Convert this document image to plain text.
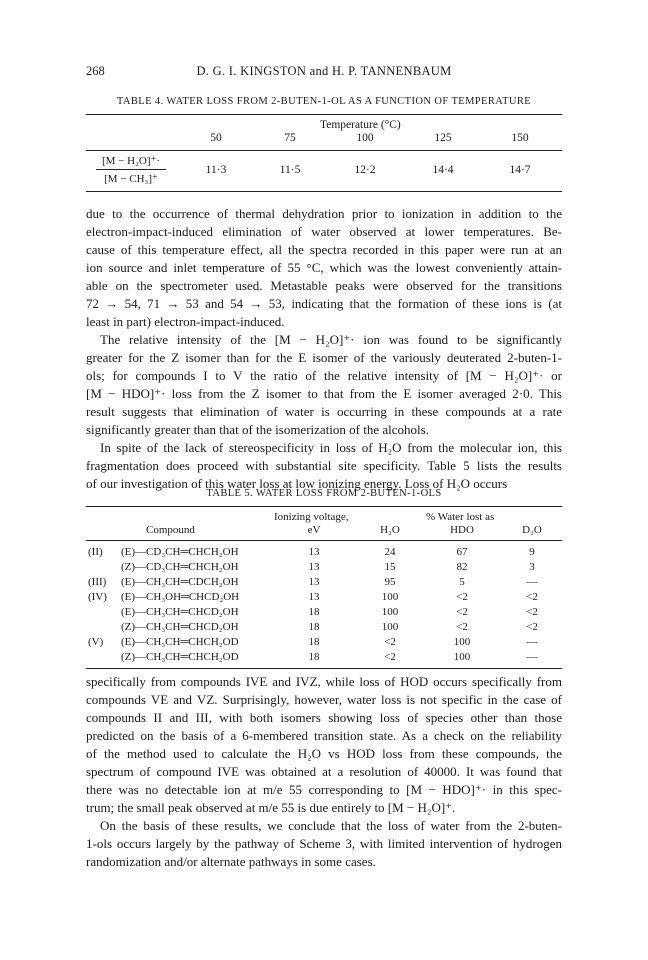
268	D. G. I. KINGSTON and H. P. TANNENBAUM
TABLE 4. WATER LOSS FROM 2-BUTEN-1-OL AS A FUNCTION OF TEMPERATURE
Temperature (°C)
50	75	100	125	150
$\frac{\text{[M − H₂O]⁺·}}{\text{[M − CH₃]⁺}}$	11·3	11·5	12·2	14·4	14·7

due to the occurrence of thermal dehydration prior to ionization in addition to the

electron-impact-induced elimination of water observed at lower temperatures. Be-

cause of this temperature effect, all the spectra recorded in this paper were run at an

ion source and inlet temperature of 55 °C, which was the lowest conveniently attain-

able on the spectrometer used. Metastable peaks were observed for the transitions

72 → 54, 71 → 53 and 54 → 53, indicating that the formation of these ions is (at

least in part) electron-impact-induced.

The relative intensity of the [M − H₂O]⁺· ion was found to be significantly

greater for the Z isomer than for the E isomer of the variously deuterated 2-buten-1-

ols; for compounds I to V the ratio of the relative intensity of [M − H₂O]⁺· or

[M − HDO]⁺· loss from the Z isomer to that from the E isomer averaged 2·0. This

result suggests that elimination of water is occurring in these compounds at a rate

significantly greater than that of the isomerization of the alcohols.

In spite of the lack of stereospecificity in loss of H₂O from the molecular ion, this

fragmentation does proceed with substantial site specificity. Table 5 lists the results

of our investigation of this water loss at low ionizing energy. Loss of H₂O occurs

TABLE 5. WATER LOSS FROM 2-BUTEN-1-OLS
Ionizing voltage,
eV
% Water lost as
Compound	H₂O	HDO	D₂O
(II) (E)—CD₃CH═CHCH₂OH	13	24	67	9
(Z)—CD₃CH═CHCH₂OH	13	15	82	3
(III) (E)—CH₃CH═CDCH₂OH	13	95	5	—
(IV) (E)—CH₃OH═CHCD₂OH	13	100	<2	<2
(E)—CH₃CH═CHCD₂OH	18	100	<2	<2
(Z)—CH₃CH═CHCD₂OH	18	100	<2	<2
(V) (E)—CH₃CH═CHCH₂OD	18	<2	100	—
(Z)—CH₃CH═CHCH₂OD	18	<2	100	—

specifically from compounds IVE and IVZ, while loss of HOD occurs specifically from

compounds VE and VZ. Surprisingly, however, water loss is not specific in the case of

compounds II and III, with both isomers showing loss of species other than those

predicted on the basis of a 6-membered transition state. As a check on the reliability

of the method used to calculate the H₂O vs HOD loss from these compounds, the

spectrum of compound IVE was obtained at a resolution of 40000. It was found that

there was no detectable ion at m/e 55 corresponding to [M − HDO]⁺· in this spec-

trum; the small peak observed at m/e 55 is due entirely to [M − H₂O]⁺.

On the basis of these results, we conclude that the loss of water from the 2-buten-

1-ols occurs largely by the pathway of Scheme 3, with limited intervention of hydrogen

randomization and/or alternate pathways in some cases.
